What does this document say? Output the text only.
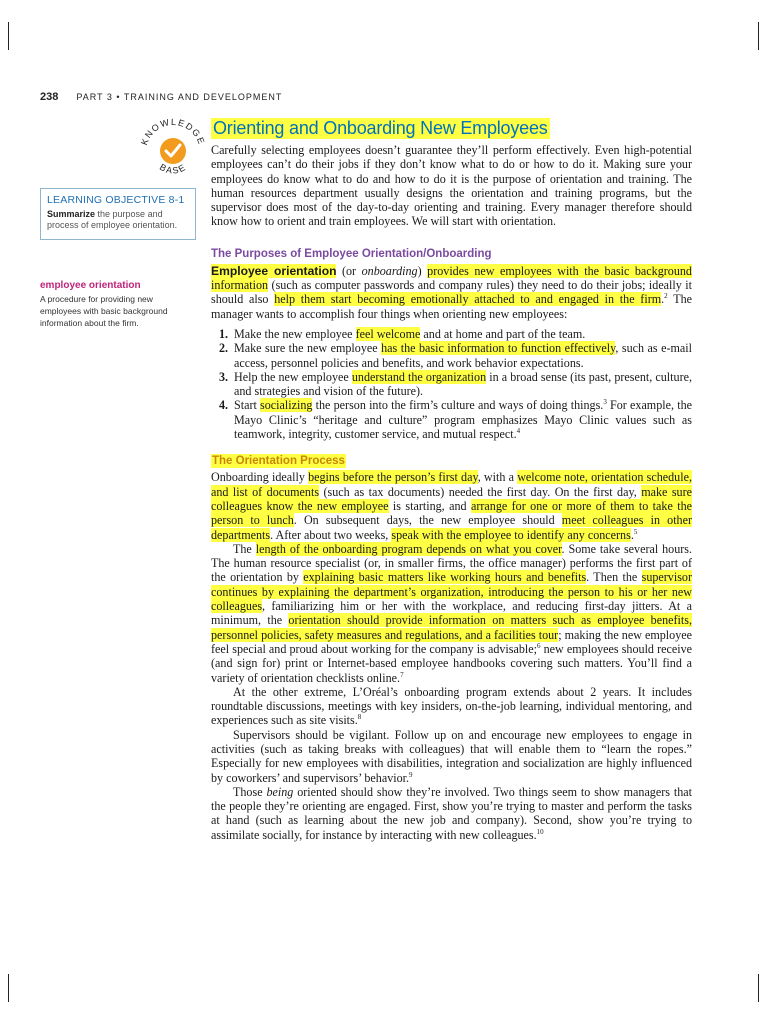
238 PART 3 • TRAINING AND DEVELOPMENT
KNOWLEDGE
BASE
Orienting and Onboarding New Employees
LEARNING OBJECTIVE 8-1
Summarize the purpose and process of employee orientation.
employee orientation
A procedure for providing new employees with basic background information about the firm.

Carefully selecting employees doesn’t guarantee they’ll perform effectively. Even high-potential employees can’t do their jobs if they don’t know what to do or how to do it. Making sure your employees do know what to do and how to do it is the purpose of orientation and training. The human resources department usually designs the orientation and training programs, but the supervisor does most of the day-to-day orienting and training. Every manager therefore should know how to orient and train employees. We will start with orientation.

The Purposes of Employee Orientation/Onboarding

Employee orientation (or onboarding) provides new employees with the basic background information (such as computer passwords and company rules) they need to do their jobs; ideally it should also help them start becoming emotionally attached to and engaged in the firm.$^2$ The manager wants to accomplish four things when orienting new employees:

1. Make the new employee feel welcome and at home and part of the team.
2. Make sure the new employee has the basic information to function effectively, such as e-mail access, personnel policies and benefits, and work behavior expectations.
3. Help the new employee understand the organization in a broad sense (its past, present, culture, and strategies and vision of the future).
4. Start socializing the person into the firm’s culture and ways of doing things.$^3$ For example, the Mayo Clinic’s “heritage and culture” program emphasizes Mayo Clinic values such as teamwork, integrity, customer service, and mutual respect.$^4$
The Orientation Process

Onboarding ideally begins before the person’s first day, with a welcome note, orientation schedule, and list of documents (such as tax documents) needed the first day. On the first day, make sure colleagues know the new employee is starting, and arrange for one or more of them to take the person to lunch. On subsequent days, the new employee should meet colleagues in other departments. After about two weeks, speak with the employee to identify any concerns.$^5$

The length of the onboarding program depends on what you cover. Some take several hours. The human resource specialist (or, in smaller firms, the office manager) performs the first part of the orientation by explaining basic matters like working hours and benefits. Then the supervisor continues by explaining the department’s organization, introducing the person to his or her new colleagues, familiarizing him or her with the workplace, and reducing first-day jitters. At a minimum, the orientation should provide information on matters such as employee benefits, personnel policies, safety measures and regulations, and a facilities tour; making the new employee feel special and proud about working for the company is advisable;$^6$ new employees should receive (and sign for) print or Internet-based employee handbooks covering such matters. You’ll find a variety of orientation checklists online.$^7$

At the other extreme, L’Oréal’s onboarding program extends about 2 years. It includes roundtable discussions, meetings with key insiders, on-the-job learning, individual mentoring, and experiences such as site visits.$^8$

Supervisors should be vigilant. Follow up on and encourage new employees to engage in activities (such as taking breaks with colleagues) that will enable them to “learn the ropes.” Especially for new employees with disabilities, integration and socialization are highly influenced by coworkers’ and supervisors’ behavior.$^9$

Those being oriented should show they’re involved. Two things seem to show managers that the people they’re orienting are engaged. First, show you’re trying to master and perform the tasks at hand (such as learning about the new job and company). Second, show you’re trying to assimilate socially, for instance by interacting with new colleagues.$^{10}$
